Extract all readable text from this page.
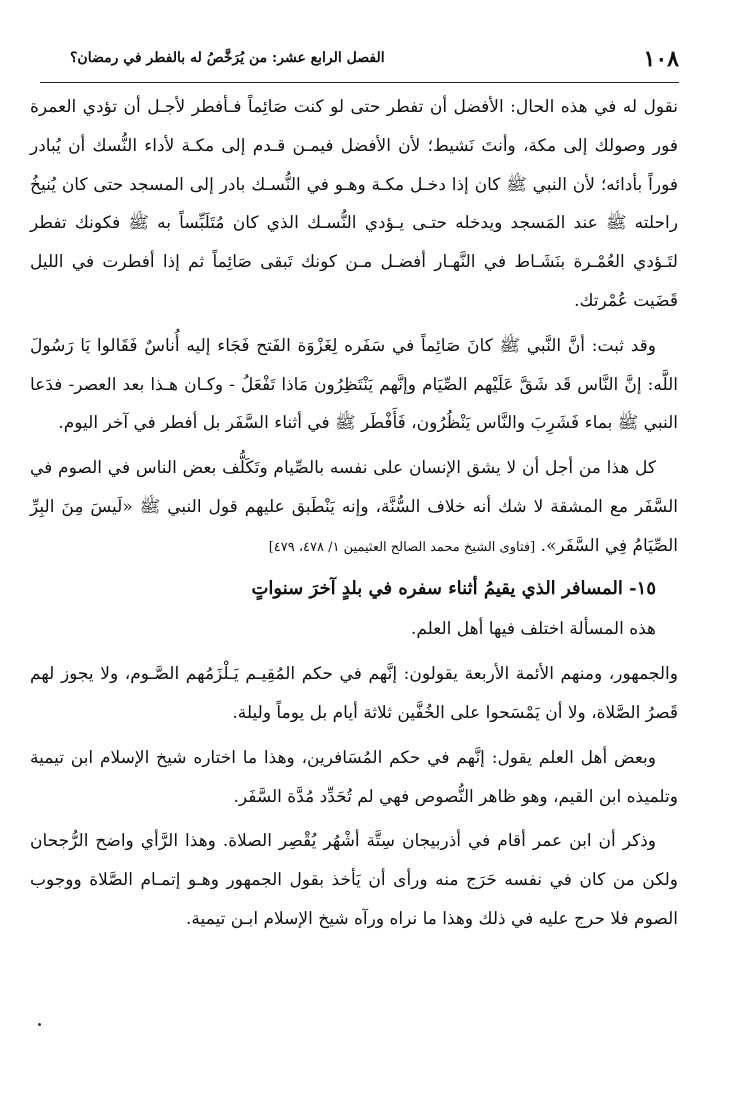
١٠٨
الفصل الرابع عشر: من يُرَخَّصُ له بالفطر في رمضان؟

نقول له في هذه الحال: الأفضل أن تفطر حتى لو كنت صَائِماً فـأفطر لأجـل أن تؤدي العمرة فور وصولك إلى مكة، وأنتَ نَشيط؛ لأن الأفضل فيمـن قـدم إلى مكـة لأداء النُّسك أن يُبادر فوراً بأدائه؛ لأن النبي ﷺ كان إذا دخـل مكـة وهـو في النُّسـك بادر إلى المسجد حتى كان يُنيخُ راحلته ﷺ عند المَسجد ويدخله حتـى يـؤدي النُّسـك الذي كان مُتَلَبِّساً به ﷺ فكونك تفطر لتَـؤدي العُمْـرة بنَشَـاط في النَّهـار أفضـل مـن كونك تَبقى صَائِماً ثم إذا أفطرت في الليل قَضَيت عُمْرتك.

وقد ثبت: أنَّ النَّبي ﷺ كانَ صَائِماً في سَفَره لِغَزْوَة الفَتح فَجَاء إليه أُناسٌ فَقَالوا يَا رَسُولَ اللَّه: إنَّ النَّاس قَد شَقَّ عَلَيْهم الصِّيَام وإنَّهم يَنْتَظِرُون مَاذا تَفْعَلُ - وكـان هـذا بعد العصر- فدَعا النبي ﷺ بماء فَشَرِبَ والنَّاس يَنْظُرُون، فَأَفْطَر ﷺ في أثناء السَّفَر بل أفطر في آخر اليوم.

كل هذا من أجل أن لا يشق الإنسان على نفسه بالصِّيام وتَكَلُّف بعض الناس في الصوم في السَّفَر مع المشقة لا شك أنه خلاف السُّنَّة، وإنه يَنْطَبق عليهم قول النبي ﷺ «لَيسَ مِنَ البِرِّ الصِّيَامُ فِي السَّفَر». [فتاوى الشيخ محمد الصالح العثيمين ١/ ٤٧٨، ٤٧٩]

١٥- المسافر الذي يقيمُ أثناء سفره في بلدٍ آخرَ سنواتٍ

هذه المسألة اختلف فيها أهل العلم.

والجمهور، ومنهم الأئمة الأربعة يقولون: إنَّهم في حكم المُقِيـم يَـلْزَمُهم الصَّـوم، ولا يجوز لهم قَصرُ الصَّلاة، ولا أن يَمْسَحوا على الخُفَّين ثلاثة أيام بل يوماً وليلة.

وبعض أهل العلم يقول: إنَّهم في حكم المُسَافرين، وهذا ما اختاره شيخ الإسلام ابن تيمية وتلميذه ابن القيم، وهو ظاهر النُّصوص فهي لم تُحَدِّد مُدَّة السَّفَر.

وذكر أن ابن عمر أقام في أذربيجان سِتَّة أشْهُر يُقْصِر الصلاة. وهذا الرَّأي واضح الرُّجحان ولكن من كان في نفسه حَرَج منه ورأى أن يَأخذ بقول الجمهور وهـو إتمـام الصَّلاة ووجوب الصوم فلا حرج عليه في ذلك وهذا ما نراه ورآه شيخ الإسلام ابـن تيمية.
